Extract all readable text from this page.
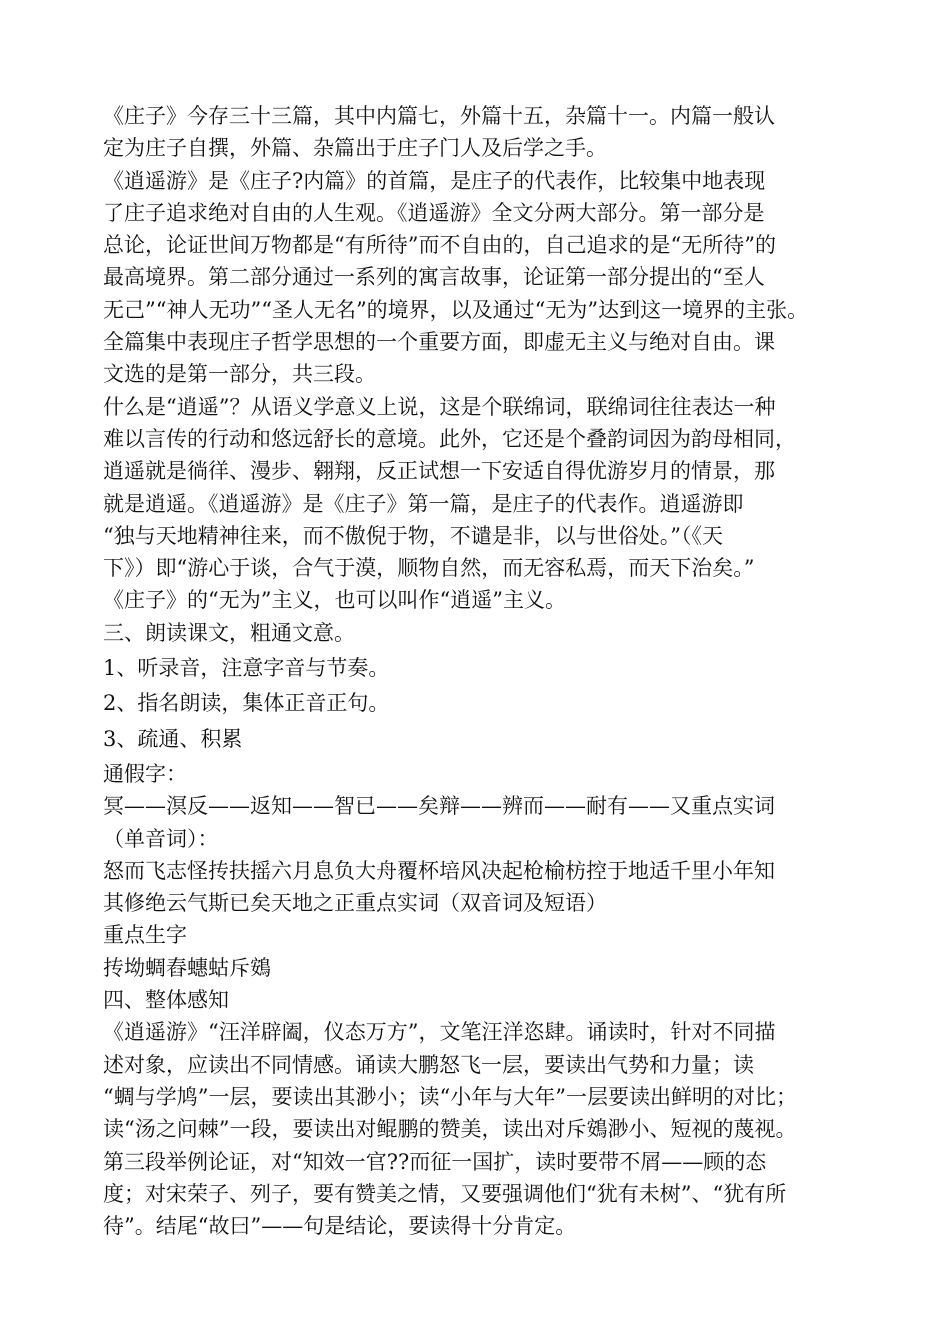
《庄子》今存三十三篇，其中内篇七，外篇十五，杂篇十一。内篇一般认
定为庄子自撰，外篇、杂篇出于庄子门人及后学之手。
《逍遥游》是《庄子?内篇》的首篇，是庄子的代表作，比较集中地表现
了庄子追求绝对自由的人生观。《逍遥游》全文分两大部分。第一部分是
总论，论证世间万物都是“有所待”而不自由的，自己追求的是“无所待”的
最高境界。第二部分通过一系列的寓言故事，论证第一部分提出的“至人
无己”“神人无功”“圣人无名”的境界，以及通过“无为”达到这一境界的主张。
全篇集中表现庄子哲学思想的一个重要方面，即虚无主义与绝对自由。课
文选的是第一部分，共三段。
什么是“逍遥”？从语义学意义上说，这是个联绵词，联绵词往往表达一种
难以言传的行动和悠远舒长的意境。此外，它还是个叠韵词因为韵母相同，
逍遥就是徜徉、漫步、翱翔，反正试想一下安适自得优游岁月的情景，那
就是逍遥。《逍遥游》是《庄子》第一篇，是庄子的代表作。逍遥游即
“独与天地精神往来，而不傲倪于物，不谴是非，以与世俗处。”（《天
下》）即“游心于谈，合气于漠，顺物自然，而无容私焉，而天下治矣。”
《庄子》的“无为”主义，也可以叫作“逍遥”主义。
三、朗读课文，粗通文意。
1、听录音，注意字音与节奏。
2、指名朗读，集体正音正句。
3、疏通、积累
通假字：
冥——溟反——返知——智已——矣辩——辨而——耐有——又重点实词
（单音词）：
怒而飞志怪抟扶摇六月息负大舟覆杯培风决起枪榆枋控于地适千里小年知
其修绝云气斯已矣天地之正重点实词（双音词及短语）
重点生字
抟坳蜩舂蟪蛄斥鴳
四、整体感知
《逍遥游》“汪洋辟阖，仪态万方”，文笔汪洋恣肆。诵读时，针对不同描
述对象，应读出不同情感。诵读大鹏怒飞一层，要读出气势和力量；读
“蜩与学鸠”一层，要读出其渺小；读“小年与大年”一层要读出鲜明的对比；
读“汤之问棘”一段，要读出对鲲鹏的赞美，读出对斥鴳渺小、短视的蔑视。
第三段举例论证，对“知效一官??而征一国扩，读时要带不屑——顾的态
度；对宋荣子、列子，要有赞美之情，又要强调他们“犹有未树”、“犹有所
待”。结尾“故曰”——句是结论，要读得十分肯定。
